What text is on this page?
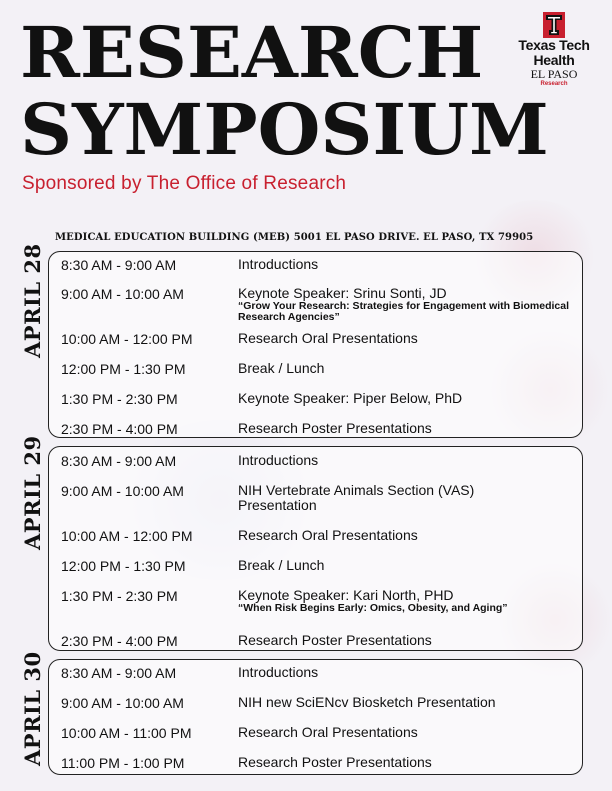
RESEARCH
SYMPOSIUM
Sponsored by The Office of Research
Texas Tech
Health
EL PASO
Research
MEDICAL EDUCATION BUILDING (MEB) 5001 EL PASO DRIVE. EL PASO, TX 79905
8:30 AM - 9:00 AM	Introductions
9:00 AM - 10:00 AM	Keynote Speaker: Srinu Sonti, JD
“Grow Your Research: Strategies for Engagement with Biomedical Research Agencies”
10:00 AM - 12:00 PM	Research Oral Presentations
12:00 PM - 1:30 PM	Break / Lunch
1:30 PM - 2:30 PM	Keynote Speaker: Piper Below, PhD
2:30 PM - 4:00 PM	Research Poster Presentations
APRIL 28
8:30 AM - 9:00 AM	Introductions
9:00 AM - 10:00 AM	NIH Vertebrate Animals Section (VAS) Presentation
10:00 AM - 12:00 PM	Research Oral Presentations
12:00 PM - 1:30 PM	Break / Lunch
1:30 PM - 2:30 PM	Keynote Speaker: Kari North, PHD
“When Risk Begins Early: Omics, Obesity, and Aging”
2:30 PM - 4:00 PM	Research Poster Presentations
APRIL 29
8:30 AM - 9:00 AM	Introductions
9:00 AM - 10:00 AM	NIH new SciENcv Biosketch Presentation
10:00 AM - 11:00 PM	Research Oral Presentations
11:00 PM - 1:00 PM	Research Poster Presentations
APRIL 30
